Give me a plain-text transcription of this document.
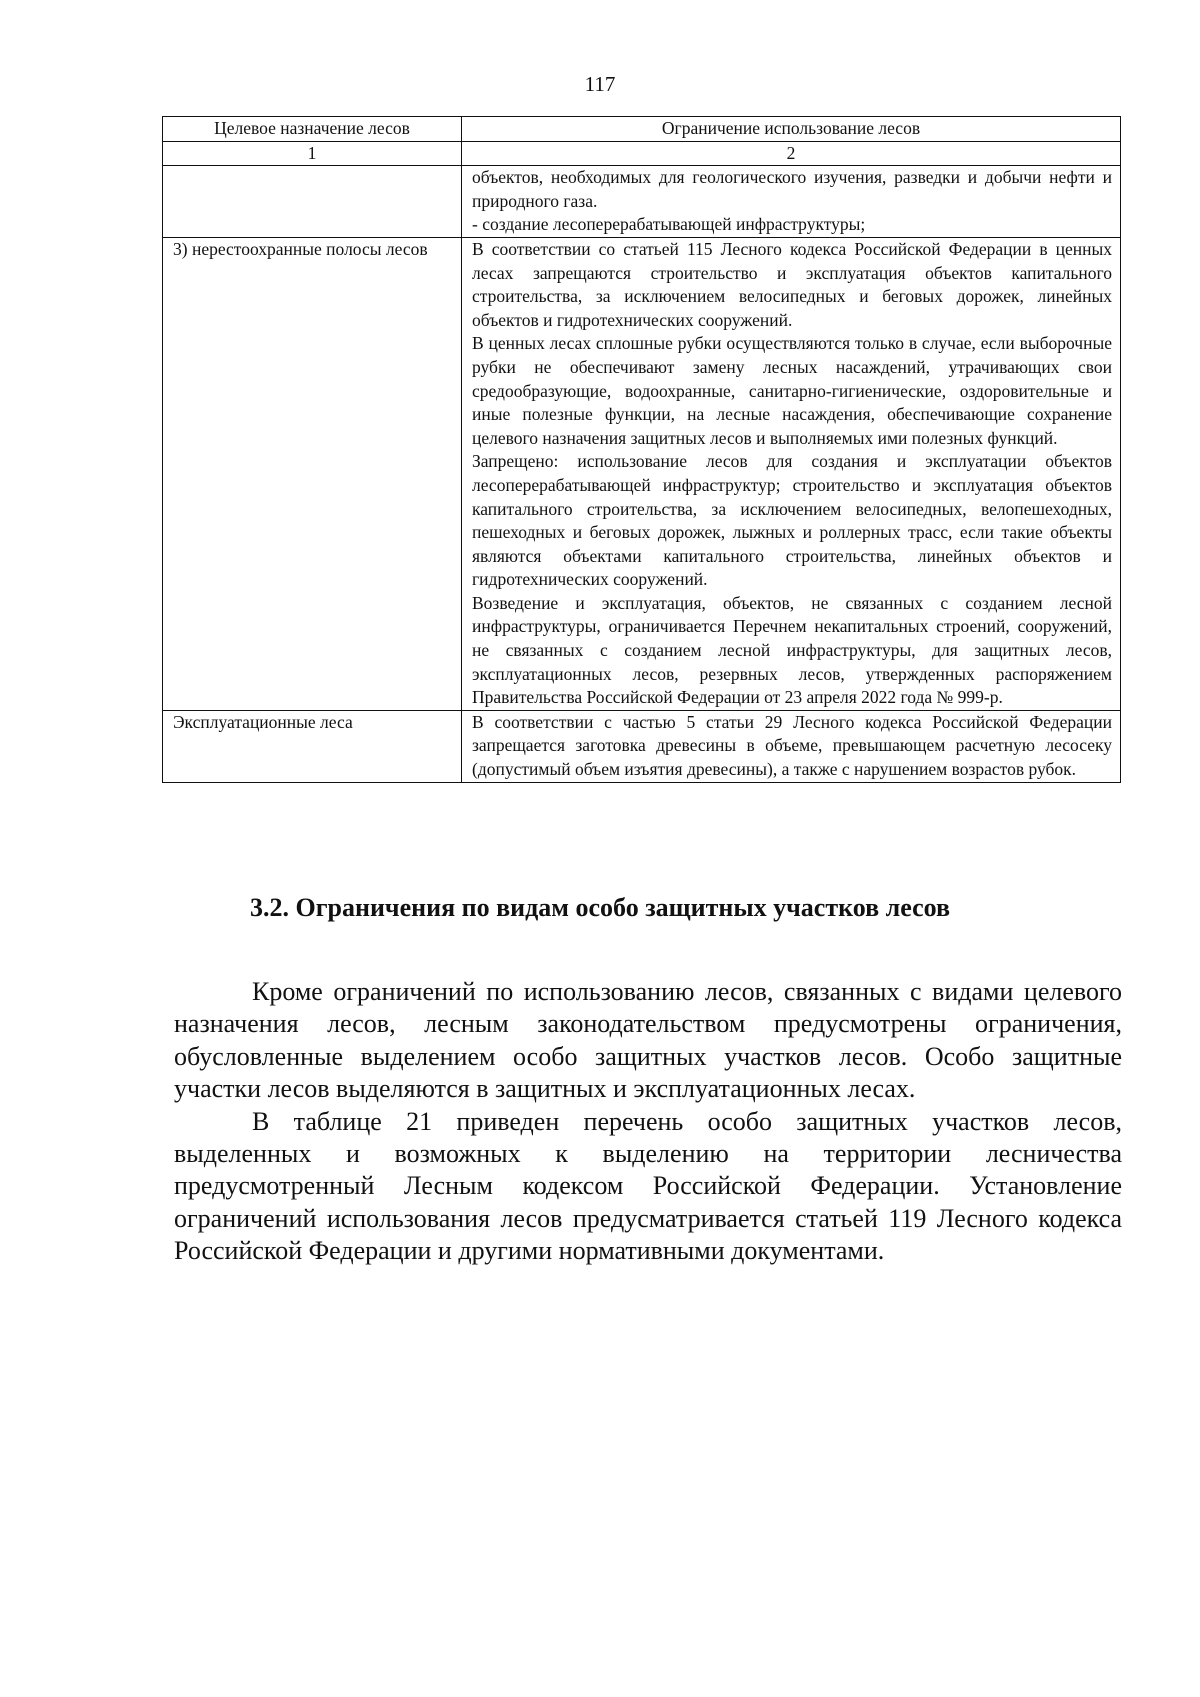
117
Целевое назначение лесов	Ограничение использование лесов
1	2

	объектов, необходимых для геологического изучения, разведки и добычи нефти и природного газа.

- создание лесоперерабатывающей инфраструктуры;

3) нерестоохранные полосы лесов	В соответствии со статьей 115 Лесного кодекса Российской Федерации в ценных лесах запрещаются строительство и эксплуатация объектов капитального строительства, за исключением велосипедных и беговых дорожек, линейных объектов и гидротехнических сооружений.

В ценных лесах сплошные рубки осуществляются только в случае, если выборочные рубки не обеспечивают замену лесных насаждений, утрачивающих свои средообразующие, водоохранные, санитарно-гигиенические, оздоровительные и иные полезные функции, на лесные насаждения, обеспечивающие сохранение целевого назначения защитных лесов и выполняемых ими полезных функций.

Запрещено: использование лесов для создания и эксплуатации объектов лесоперерабатывающей инфраструктур; строительство и эксплуатация объектов капитального строительства, за исключением велосипедных, велопешеходных, пешеходных и беговых дорожек, лыжных и роллерных трасс, если такие объекты являются объектами капитального строительства, линейных объектов и гидротехнических сооружений.

Возведение и эксплуатация, объектов, не связанных с созданием лесной инфраструктуры, ограничивается Перечнем некапитальных строений, сооружений, не связанных с созданием лесной инфраструктуры, для защитных лесов, эксплуатационных лесов, резервных лесов, утвержденных распоряжением Правительства Российской Федерации от 23 апреля 2022 года № 999-р.

Эксплуатационные леса	В соответствии с частью 5 статьи 29 Лесного кодекса Российской Федерации запрещается заготовка древесины в объеме, превышающем расчетную лесосеку (допустимый объем изъятия древесины), а также с нарушением возрастов рубок.

3.2. Ограничения по видам особо защитных участков лесов

Кроме ограничений по использованию лесов, связанных с видами целевого назначения лесов, лесным законодательством предусмотрены ограничения, обусловленные выделением особо защитных участков лесов. Особо защитные участки лесов выделяются в защитных и эксплуатационных лесах.

В таблице 21 приведен перечень особо защитных участков лесов, выделенных и возможных к выделению на территории лесничества предусмотренный Лесным кодексом Российской Федерации. Установление ограничений использования лесов предусматривается статьей 119 Лесного кодекса Российской Федерации и другими нормативными документами.
